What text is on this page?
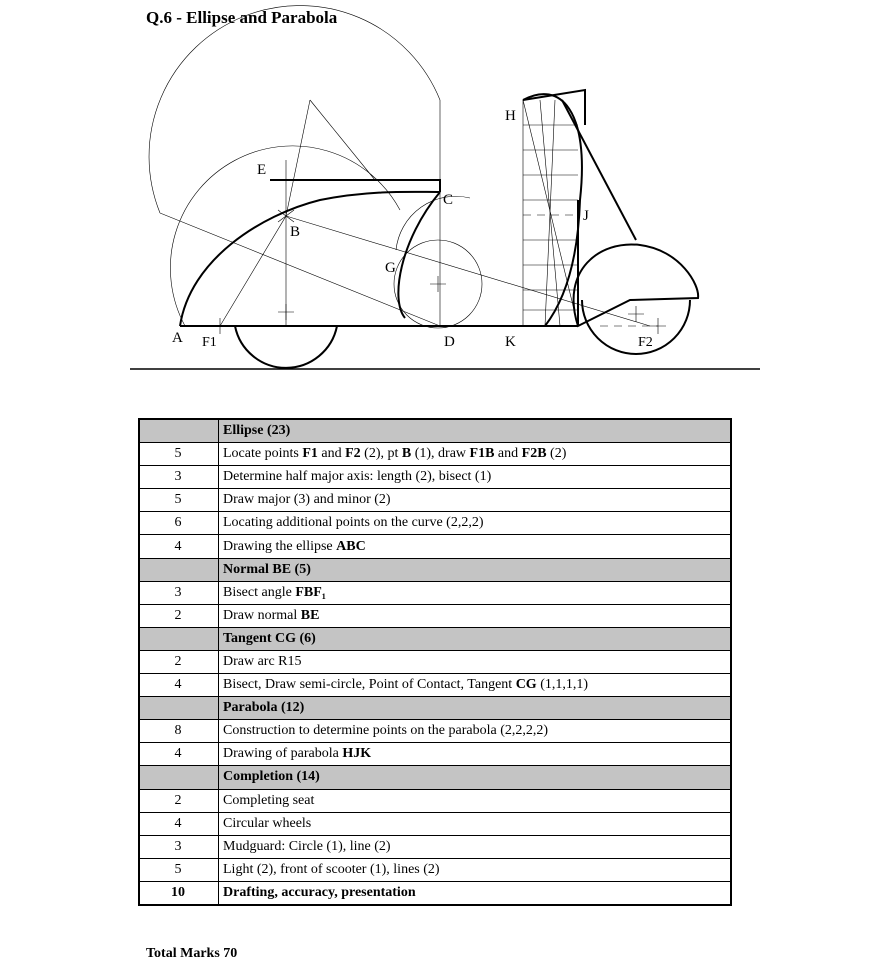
Q.6 - Ellipse and Parabola
A F1
E
B
C
G
D
H
J
K	F2
	Ellipse (23)
5	Locate points F1 and F2 (2), pt B (1), draw F1B and F2B (2)
3	Determine half major axis: length (2), bisect (1)
5	Draw major (3) and minor (2)
6	Locating additional points on the curve (2,2,2)
4	Drawing the ellipse ABC
	Normal BE (5)
3	Bisect angle FBF₁
2	Draw normal BE
	Tangent CG (6)
2	Draw arc R15
4	Bisect, Draw semi-circle, Point of Contact, Tangent CG (1,1,1,1)
	Parabola (12)
8	Construction to determine points on the parabola (2,2,2,2)
4	Drawing of parabola HJK
	Completion (14)
2	Completing seat
4	Circular wheels
3	Mudguard: Circle (1), line (2)
5	Light (2), front of scooter (1), lines (2)
10	Drafting, accuracy, presentation
Total Marks 70
